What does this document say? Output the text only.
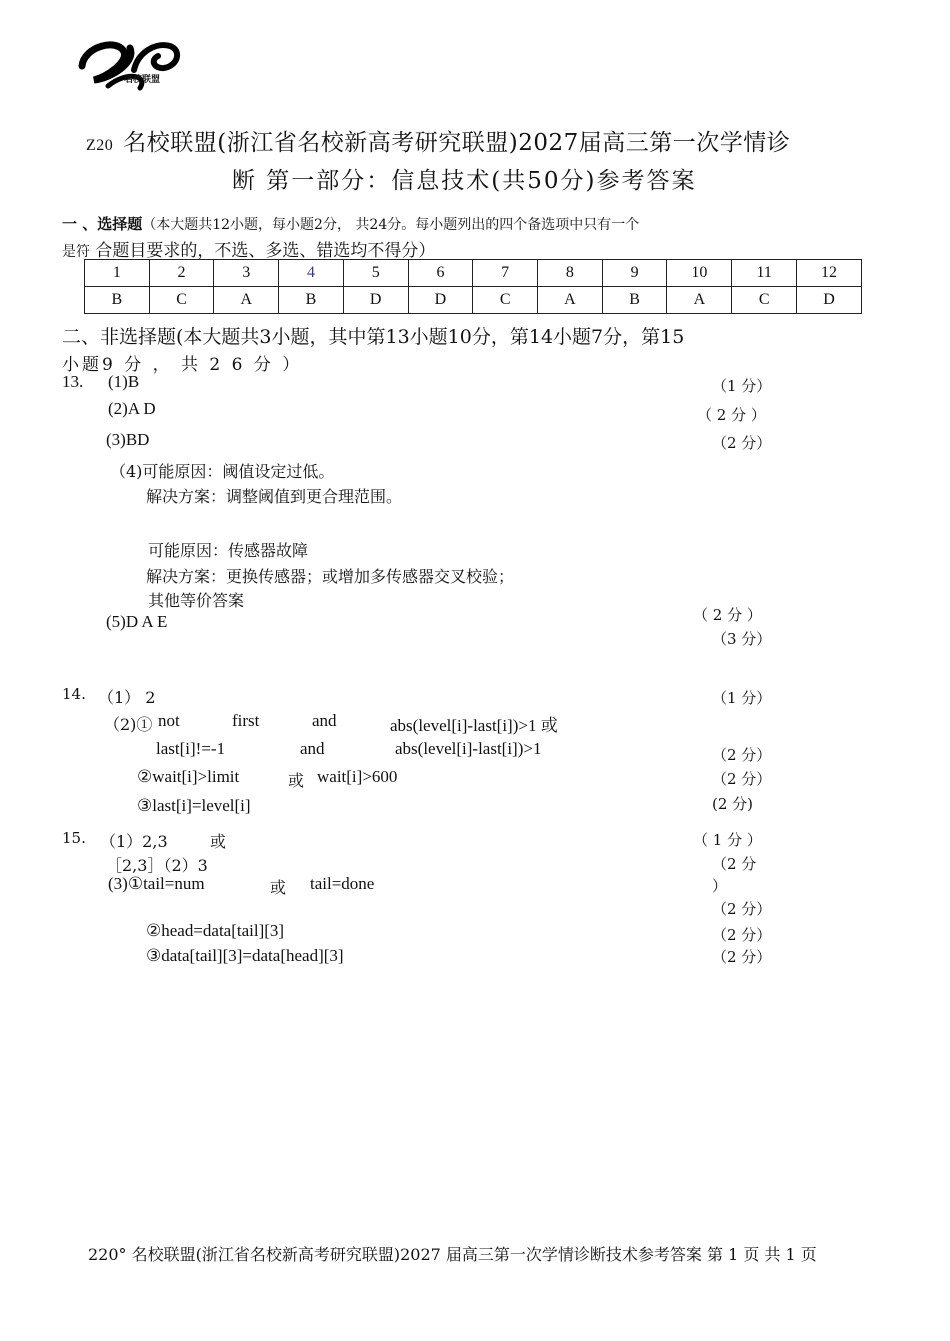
名校联盟
Z20 名校联盟(浙江省名校新高考研究联盟)2027届高三第一次学情诊
断 第一部分：信息技术(共50分)参考答案
一 、选择题（本大题共12小题，每小题2分， 共24分。每小题列出的四个备选项中只有一个
是符 合题目要求的，不选、多选、错选均不得分）
1	2	3	4	5	6	7	8	9	10	11	12
B	C	A	B	D	D	C	A	B	A	C	D
二、非选择题(本大题共3小题，其中第13小题10分，第14小题7分，第15
小题9 分 ， 共 2 6 分 ）
13. (1)B	（1 分）
(2)A D	（ 2 分 ）
(3)BD	（2 分）
（4)可能原因：阈值设定过低。
解决方案：调整阈值到更合理范围。
可能原因：传感器故障
解决方案：更换传感器；或增加多传感器交叉校验；
其他等价答案
（ 2 分 ）
(5)D A E
（3 分）
14. （1） 2	（1 分）
（2)① not	first	and	abs(level[i]-last[i])>1 或
last[i]!=-1	and	abs(level[i]-last[i])>1	（2 分）
②wait[i]>limit	或 wait[i]>600	（2 分）
③last[i]=level[i]	(2 分)
15. （1）2,3	或	（ 1 分 ）
［2,3］（2）3	（2 分
）
(3)①tail=num	或 tail=done
（2 分）
②head=data[tail][3]	（2 分）
③data[tail][3]=data[head][3]	（2 分）
220° 名校联盟(浙江省名校新高考研究联盟)2027 届高三第一次学情诊断技术参考答案 第 1 页 共 1 页
